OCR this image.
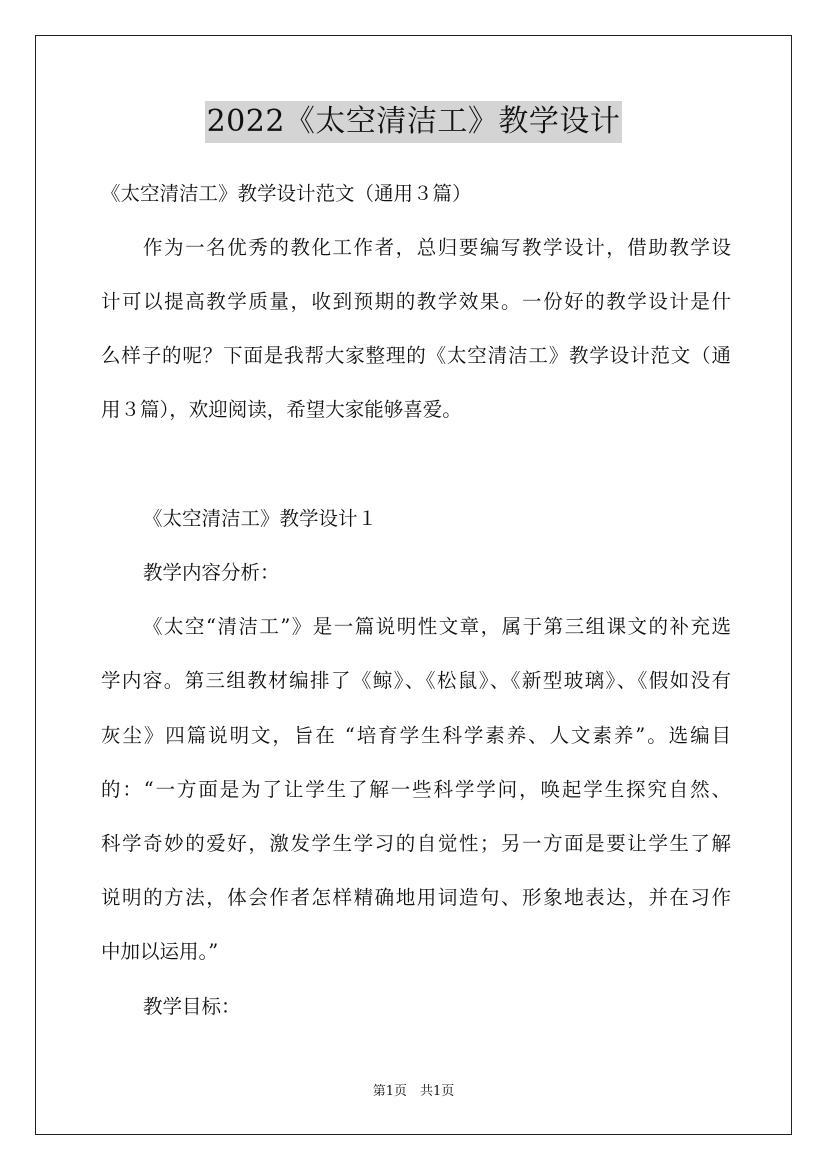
2022《太空清洁工》教学设计
《太空清洁工》教学设计范文（通用３篇）
作为一名优秀的教化工作者，总归要编写教学设计，借助教学设
计可以提高教学质量，收到预期的教学效果。一份好的教学设计是什
么样子的呢？下面是我帮大家整理的《太空清洁工》教学设计范文（通
用３篇），欢迎阅读，希望大家能够喜爱。
《太空清洁工》教学设计１
教学内容分析：
《太空“清洁工”》是一篇说明性文章，属于第三组课文的补充选
学内容。第三组教材编排了《鲸》、《松鼠》、《新型玻璃》、《假如没有
灰尘》四篇说明文，旨在 “培育学生科学素养、人文素养”。选编目
的：“一方面是为了让学生了解一些科学学问，唤起学生探究自然、
科学奇妙的爱好，激发学生学习的自觉性；另一方面是要让学生了解
说明的方法，体会作者怎样精确地用词造句、形象地表达，并在习作
中加以运用。”
教学目标：
第1页　共1页
